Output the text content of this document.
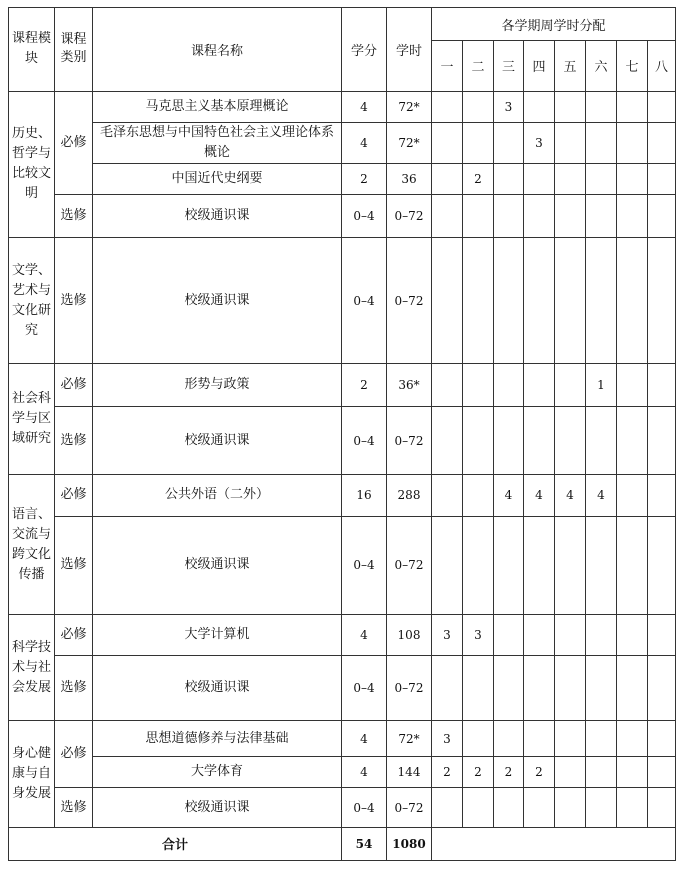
课程模块	课程类别	课程名称	学分	学时	各学期周学时分配							
					一	二	三	四	五	六	七	八
历史、哲学与比较文明	必修	马克思主义基本原理概论	4	72*			3					
		毛泽东思想与中国特色社会主义理论体系概论	4	72*				3				
		中国近代史纲要	2	36		2						
	选修	校级通识课	0–4	0–72								
文学、艺术与文化研究	选修	校级通识课	0–4	0–72								
社会科学与区域研究	必修	形势与政策	2	36*						1		
	选修	校级通识课	0–4	0–72								
语言、交流与跨文化传播	必修	公共外语（二外）	16	288			4	4	4	4		
	选修	校级通识课	0–4	0–72								
科学技术与社会发展	必修	大学计算机	4	108	3	3						
	选修	校级通识课	0–4	0–72								
身心健康与自身发展	必修	思想道德修养与法律基础	4	72*	3							
		大学体育	4	144	2	2	2	2				
	选修	校级通识课	0–4	0–72								
合计			54	1080								
